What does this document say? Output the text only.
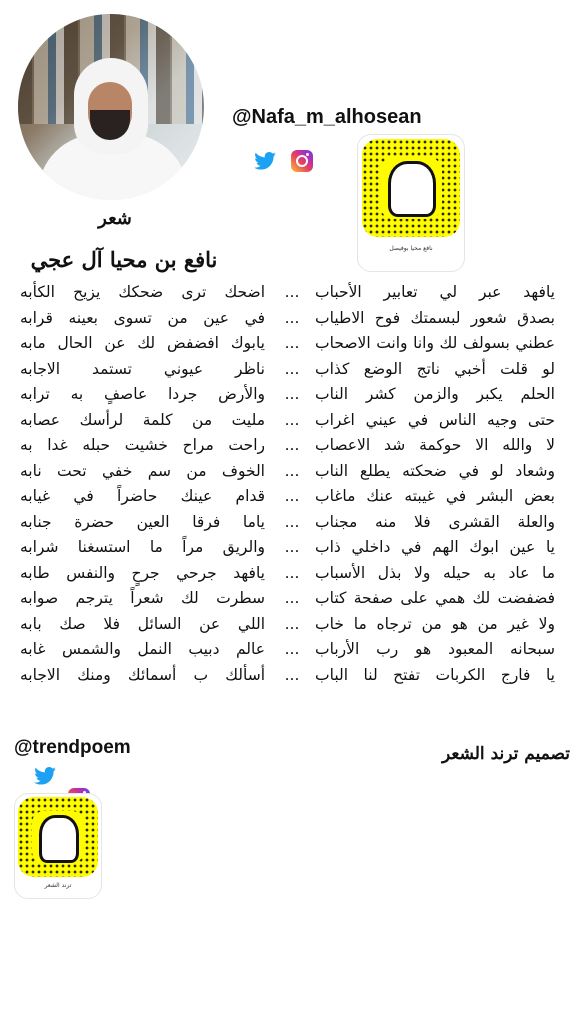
@Nafa_m_alhosean
نافع محيا بوفيصل
شعر
نافع بن محيا آل عجي
يافهد عبر لي تعابير الأحباب
...
اضحك ترى ضحكك يزيح الكأبه
بصدق شعور لبسمتك فوح الاطياب
...
في عين من تسوى بعينه قرابه
عطني بسولف لك وانا وانت الاصحاب
...
يابوك افضفض لك عن الحال مابه
لو قلت أخبي ناتج الوضع كذاب
...
ناظر عيوني تستمد الاجابه
الحلم يكبر والزمن كشر الناب
...
والأرض جردا عاصفٍ به ترابه
حتى وجيه الناس في عيني اغراب
...
مليت من كلمة لرأسك عصابه
لا والله الا حوكمة شد الاعصاب
...
راحت مراح خشيت حبله غدا به
وشعاد لو في ضحكته يطلع الناب
...
الخوف من سم خفي تحت نابه
بعض البشر في غيبته عنك ماغاب
...
قدام عينك حاضراً في غيابه
والعلة القشرى فلا منه مجناب
...
ياما فرقا العين حضرة جنابه
يا عين ابوك الهم في داخلي ذاب
...
والريق مراً ما استسغنا شرابه
ما عاد به حيله ولا بذل الأسباب
...
يافهد جرحي جرحٍ والنفس طابه
فضفضت لك همي على صفحة كتاب
...
سطرت لك شعراً يترجم صوابه
ولا غير من هو من ترجاه ما خاب
...
اللي عن السائل فلا صك بابه
سبحانه المعبود هو رب الأرباب
...
عالم دبيب النمل والشمس غابه
يا فارج الكربات تفتح لنا الباب
...
أسألك ب أسمائك ومنك الاجابه
@trendpoem
ترند الشعر
تصميم ترند الشعر
